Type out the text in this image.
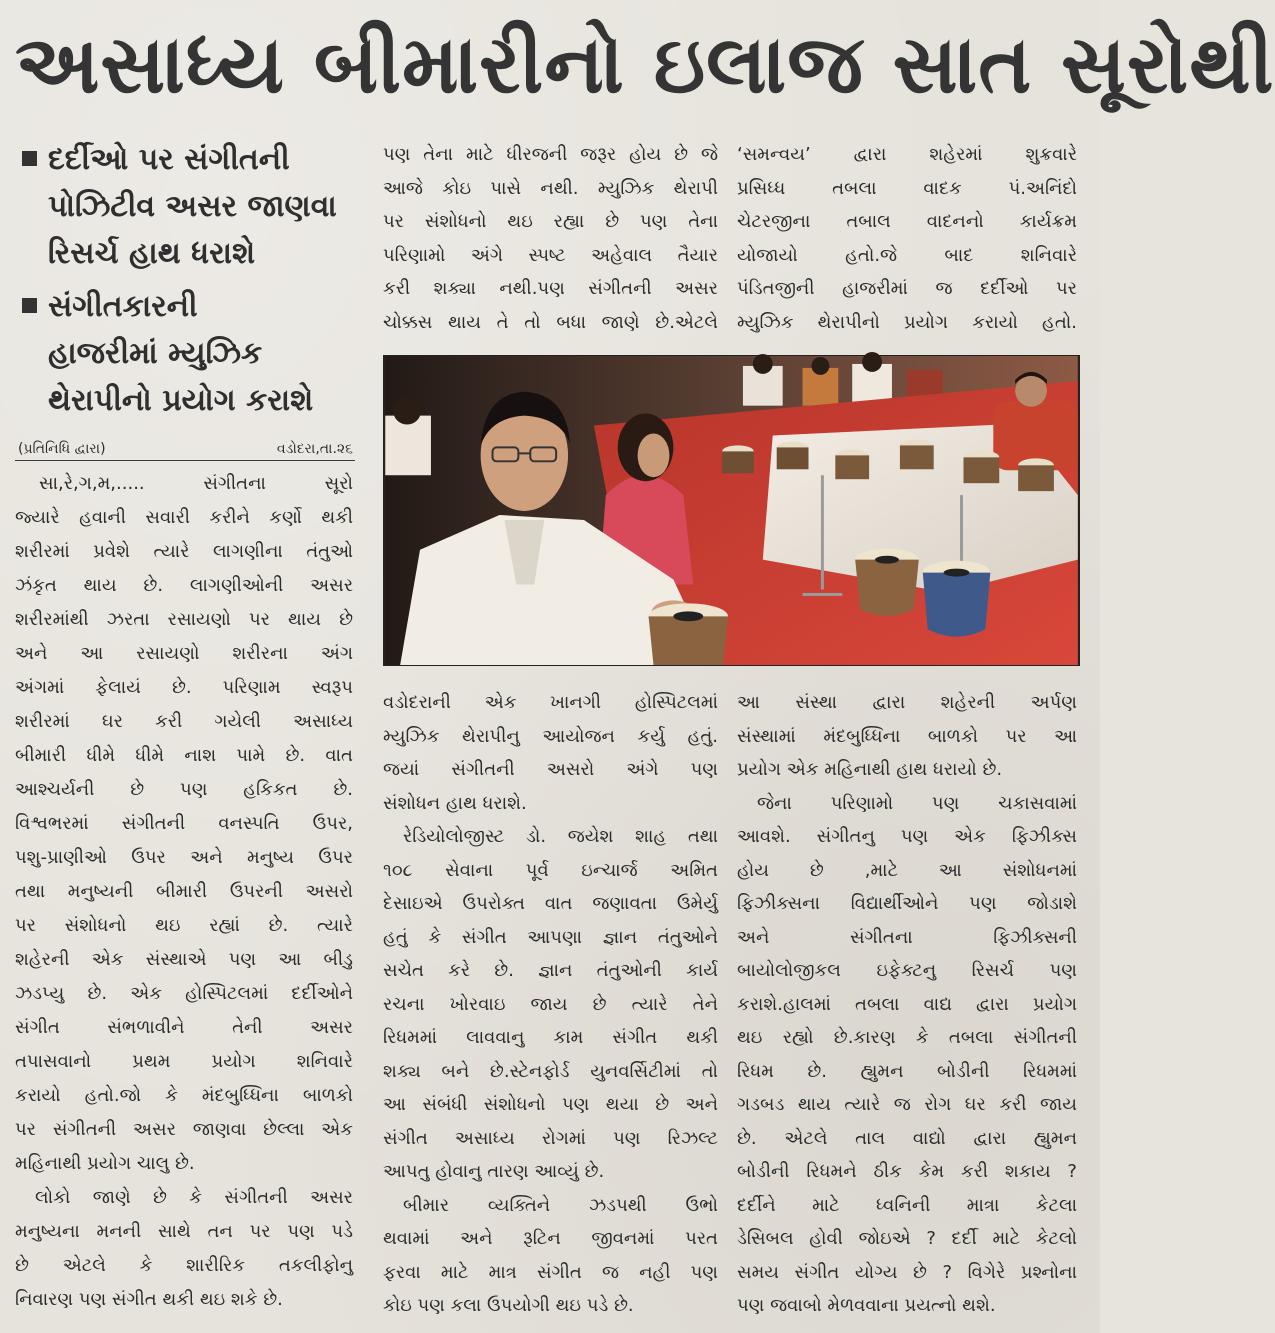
અસાધ્ય બીમારીનો ઇલાજ સાત સૂરોથી
દર્દીઓ પર સંગીતની
પોઝિટીવ અસર જાણવા
રિસર્ચ હાથ ધરાશે
સંગીતકારની
હાજરીમાં મ્યુઝિક
થેરાપીનો પ્રયોગ કરાશે
(પ્રતિનિધિ દ્વારા)	વડોદરા,તા.૨૬
સા,રે,ગ,મ,..... સંગીતના સૂરો
જ્યારે હવાની સવારી કરીને કર્ણો થકી
શરીરમાં પ્રવેશે ત્યારે લાગણીના તંતુઓ
ઝંકૃત થાય છે. લાગણીઓની અસર
શરીરમાંથી ઝરતા રસાયણો પર થાય છે
અને આ રસાયણો શરીરના અંગ
અંગમાં ફેલાયં છે. પરિણામ સ્વરૂપ
શરીરમાં ઘર કરી ગયેલી અસાધ્ય
બીમારી ધીમે ધીમે નાશ પામે છે. વાત
આશ્ચર્યની છે પણ હકિકત છે.
વિશ્વભરમાં સંગીતની વનસ્પતિ ઉપર,
પશુ-પ્રાણીઓ ઉપર અને મનુષ્ય ઉપર
તથા મનુષ્યની બીમારી ઉપરની અસરો
પર સંશોધનો થઇ રહ્યાં છે. ત્યારે
શહેરની એક સંસ્થાએ પણ આ બીડુ
ઝડપ્યુ છે. એક હોસ્પિટલમાં દર્દીઓને
સંગીત સંભળાવીને તેની અસર
તપાસવાનો પ્રથમ પ્રયોગ શનિવારે
કરાયો હતો.જો કે મંદબુધ્ધિના બાળકો
પર સંગીતની અસર જાણવા છેલ્લા એક
મહિનાથી પ્રયોગ ચાલુ છે.
લોકો જાણે છે કે સંગીતની અસર
મનુષ્યના મનની સાથે તન પર પણ પડે
છે એટલે કે શારીરિક તકલીફોનુ
નિવારણ પણ સંગીત થકી થઇ શકે છે.
પણ તેના માટે ધીરજની જરૂર હોય છે જે
આજે કોઇ પાસે નથી. મ્યુઝિક થેરાપી
પર સંશોધનો થઇ રહ્યા છે પણ તેના
પરિણામો અંગે સ્પષ્ટ અહેવાલ તૈયાર
કરી શક્યા નથી.પણ સંગીતની અસર
ચોક્કસ થાય તે તો બધા જાણે છે.એટલે
‘સમન્વય’ દ્વારા શહેરમાં શુક્રવારે
પ્રસિધ્ધ તબલા વાદક પં.અનિંદો
ચેટરજીના તબાલ વાદનનો કાર્યક્રમ
યોજાયો હતો.જે બાદ શનિવારે
પંડિતજીની હાજરીમાં જ દર્દીઓ પર
મ્યુઝિક થેરાપીનો પ્રયોગ કરાયો હતો.
વડોદરાની એક ખાનગી હોસ્પિટલમાં
મ્યુઝિક થેરાપીનુ આયોજન કર્યુ હતું.
જયાં સંગીતની અસરો અંગે પણ
સંશોધન હાથ ધરાશે.
રેડિયોલોજીસ્ટ ડો. જયેશ શાહ તથા
૧૦૮ સેવાના પૂર્વ ઇન્ચાર્જ અમિત
દેસાઇએ ઉપરોક્ત વાત જણાવતા ઉમેર્યુ
હતું કે સંગીત આપણા જ્ઞાન તંતુઓને
સચેત કરે છે. જ્ઞાન તંતુઓની કાર્ય
રચના ખોરવાઇ જાય છે ત્યારે તેને
રિધમમાં લાવવાનુ કામ સંગીત થકી
શક્ય બને છે.સ્ટેનફોર્ડ યુનવર્સિટીમાં તો
આ સંબંધી સંશોધનો પણ થયા છે અને
સંગીત અસાધ્ય રોગમાં પણ રિઝલ્ટ
આપતુ હોવાનુ તારણ આવ્યું છે.
બીમાર વ્યક્તિને ઝડપથી ઉભો
થવામાં અને રૂટિન જીવનમાં પરત
ફરવા માટે માત્ર સંગીત જ નહી પણ
કોઇ પણ કલા ઉપયોગી થઇ પડે છે.
આ સંસ્થા દ્વારા શહેરની અર્પણ
સંસ્થામાં મંદબુધ્ધિના બાળકો પર આ
પ્રયોગ એક મહિનાથી હાથ ધરાયો છે.
જેના પરિણામો પણ ચકાસવામાં
આવશે. સંગીતનુ પણ એક ફિઝીક્સ
હોય છે ,માટે આ સંશોધનમાં
ફિઝીક્સના વિદ્યાર્થીઓને પણ જોડાશે
અને સંગીતના ફિઝીક્સની
બાયોલોજીકલ ઇફેક્ટનુ રિસર્ચ પણ
કરાશે.હાલમાં તબલા વાદ્ય દ્વારા પ્રયોગ
થઇ રહ્યો છે.કારણ કે તબલા સંગીતની
રિધમ છે. હ્યુમન બોડીની રિધમમાં
ગડબડ થાય ત્યારે જ રોગ ઘર કરી જાય
છે. એટલે તાલ વાદ્યો દ્વારા હ્યુમન
બોડીની રિધમને ઠીક કેમ કરી શકાય ?
દર્દીને માટે ધ્વનિની માત્રા કેટલા
ડેસિબલ હોવી જોઇએ ? દર્દી માટે કેટલો
સમય સંગીત યોગ્ય છે ? વિગેરે પ્રશ્નોના
પણ જવાબો મેળવવાના પ્રયત્નો થશે.
